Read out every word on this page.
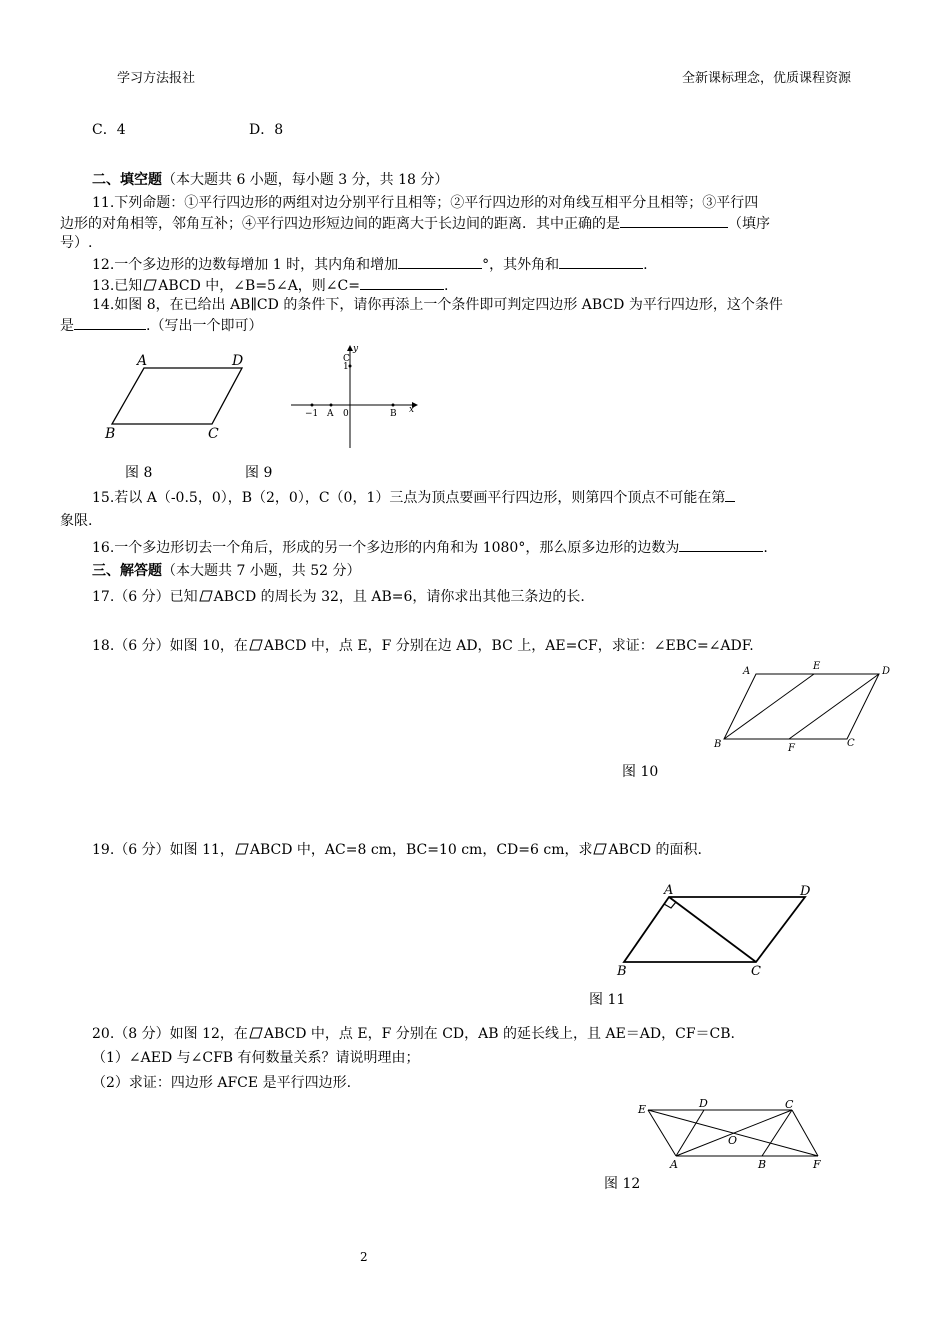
学习方法报社	全新课标理念，优质课程资源
C．4	D．8
二、填空题（本大题共 6 小题，每小题 3 分，共 18 分）
11.下列命题：①平行四边形的两组对边分别平行且相等；②平行四边形的对角线互相平分且相等；③平行四
边形的对角相等，邻角互补；④平行四边形短边间的距离大于长边间的距离．其中正确的是	（填序
号）.
12.一个多边形的边数每增加 1 时，其内角和增加	°，其外角和	.
13.已知 ABCD 中，∠B=5∠A，则∠C=	.
14.如图 8，在已给出 AB∥CD 的条件下，请你再添上一个条件即可判定四边形 ABCD 为平行四边形，这个条件
是	.（写出一个即可）
A	D
B	C
y
x
C
1
−1 A 0	B
图 8	图 9
15.若以 A（-0.5，0），B（2，0），C（0，1）三点为顶点要画平行四边形，则第四个顶点不可能在第
象限.
16.一个多边形切去一个角后，形成的另一个多边形的内角和为 1080°，那么原多边形的边数为	.
三、解答题（本大题共 7 小题，共 52 分）
17.（6 分）已知 ABCD 的周长为 32，且 AB=6，请你求出其他三条边的长.
18.（6 分）如图 10，在 ABCD 中，点 E，F 分别在边 AD，BC 上，AE=CF，求证：∠EBC=∠ADF.
A	E	D
B	F	C
图 10
19.（6 分）如图 11， ABCD 中，AC=8 cm，BC=10 cm，CD=6 cm，求 ABCD 的面积.
A	D
B	C
图 11
20.（8 分）如图 12，在 ABCD 中，点 E，F 分别在 CD，AB 的延长线上，且 AE＝AD，CF＝CB.
（1）∠AED 与∠CFB 有何数量关系？请说明理由；
（2）求证：四边形 AFCE 是平行四边形.
E	D	C
O
A	B	F
图 12
2
